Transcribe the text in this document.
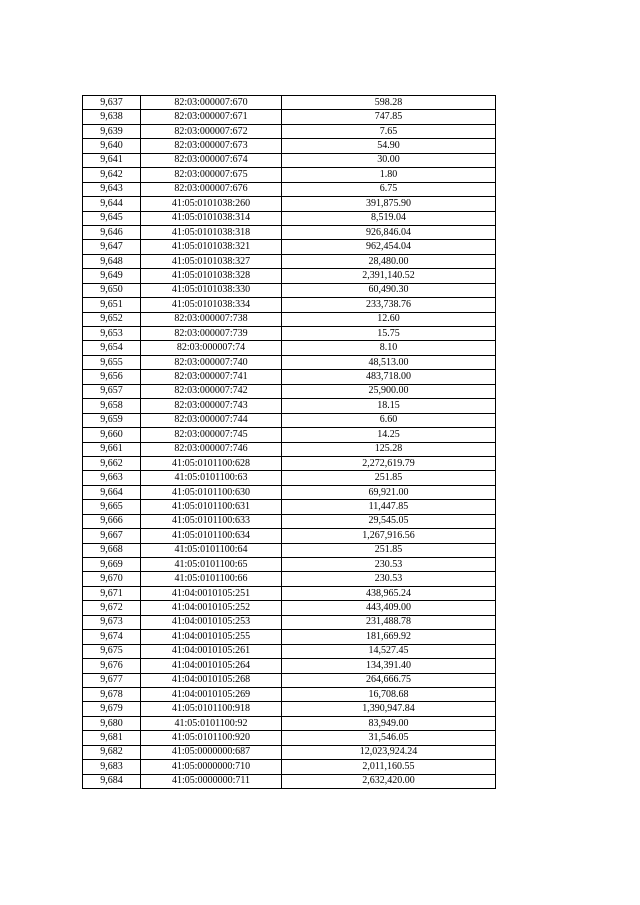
9,637	82:03:000007:670	598.28
9,638	82:03:000007:671	747.85
9,639	82:03:000007:672	7.65
9,640	82:03:000007:673	54.90
9,641	82:03:000007:674	30.00
9,642	82:03:000007:675	1.80
9,643	82:03:000007:676	6.75
9,644	41:05:0101038:260	391,875.90
9,645	41:05:0101038:314	8,519.04
9,646	41:05:0101038:318	926,846.04
9,647	41:05:0101038:321	962,454.04
9,648	41:05:0101038:327	28,480.00
9,649	41:05:0101038:328	2,391,140.52
9,650	41:05:0101038:330	60,490.30
9,651	41:05:0101038:334	233,738.76
9,652	82:03:000007:738	12.60
9,653	82:03:000007:739	15.75
9,654	82:03:000007:74	8.10
9,655	82:03:000007:740	48,513.00
9,656	82:03:000007:741	483,718.00
9,657	82:03:000007:742	25,900.00
9,658	82:03:000007:743	18.15
9,659	82:03:000007:744	6.60
9,660	82:03:000007:745	14.25
9,661	82:03:000007:746	125.28
9,662	41:05:0101100:628	2,272,619.79
9,663	41:05:0101100:63	251.85
9,664	41:05:0101100:630	69,921.00
9,665	41:05:0101100:631	11,447.85
9,666	41:05:0101100:633	29,545.05
9,667	41:05:0101100:634	1,267,916.56
9,668	41:05:0101100:64	251.85
9,669	41:05:0101100:65	230.53
9,670	41:05:0101100:66	230.53
9,671	41:04:0010105:251	438,965.24
9,672	41:04:0010105:252	443,409.00
9,673	41:04:0010105:253	231,488.78
9,674	41:04:0010105:255	181,669.92
9,675	41:04:0010105:261	14,527.45
9,676	41:04:0010105:264	134,391.40
9,677	41:04:0010105:268	264,666.75
9,678	41:04:0010105:269	16,708.68
9,679	41:05:0101100:918	1,390,947.84
9,680	41:05:0101100:92	83,949.00
9,681	41:05:0101100:920	31,546.05
9,682	41:05:0000000:687	12,023,924.24
9,683	41:05:0000000:710	2,011,160.55
9,684	41:05:0000000:711	2,632,420.00
